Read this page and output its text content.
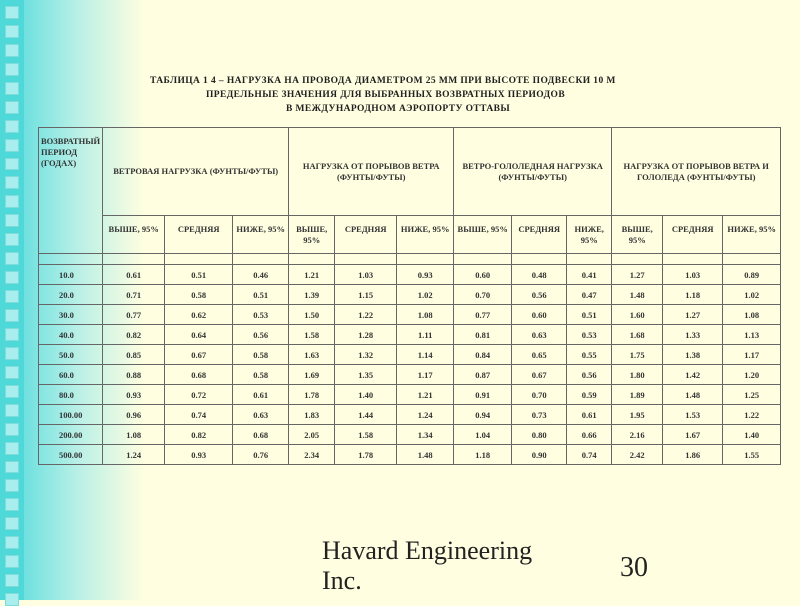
ТАБЛИЦА 1 4 – НАГРУЗКА НА ПРОВОДА ДИАМЕТРОМ 25 ММ ПРИ ВЫСОТЕ ПОДВЕСКИ 10 М
ПРЕДЕЛЬНЫЕ ЗНАЧЕНИЯ ДЛЯ ВЫБРАННЫХ ВОЗВРАТНЫХ ПЕРИОДОВ
В МЕЖДУНАРОДНОМ АЭРОПОРТУ ОТТАВЫ
ВОЗВРАТНЫЙ ПЕРИОД (ГОДАХ)	ВЕТРОВАЯ НАГРУЗКА (ФУНТЫ/ФУТЫ)			НАГРУЗКА ОТ ПОРЫВОВ ВЕТРА (ФУНТЫ/ФУТЫ)			ВЕТРО-ГОЛОЛЕДНАЯ НАГРУЗКА (ФУНТЫ/ФУТЫ)			НАГРУЗКА ОТ ПОРЫВОВ ВЕТРА И ГОЛОЛЕДА (ФУНТЫ/ФУТЫ)		
	ВЫШЕ, 95%	СРЕДНЯЯ	НИЖЕ, 95%	ВЫШЕ, 95%	СРЕДНЯЯ	НИЖЕ, 95%	ВЫШЕ, 95%	СРЕДНЯЯ	НИЖЕ, 95%	ВЫШЕ, 95%	СРЕДНЯЯ	НИЖЕ, 95%

10.0	0.61	0.51	0.46	1.21	1.03	0.93	0.60	0.48	0.41	1.27	1.03	0.89
20.0	0.71	0.58	0.51	1.39	1.15	1.02	0.70	0.56	0.47	1.48	1.18	1.02
30.0	0.77	0.62	0.53	1.50	1.22	1.08	0.77	0.60	0.51	1.60	1.27	1.08
40.0	0.82	0.64	0.56	1.58	1.28	1.11	0.81	0.63	0.53	1.68	1.33	1.13
50.0	0.85	0.67	0.58	1.63	1.32	1.14	0.84	0.65	0.55	1.75	1.38	1.17
60.0	0.88	0.68	0.58	1.69	1.35	1.17	0.87	0.67	0.56	1.80	1.42	1.20
80.0	0.93	0.72	0.61	1.78	1.40	1.21	0.91	0.70	0.59	1.89	1.48	1.25
100.00	0.96	0.74	0.63	1.83	1.44	1.24	0.94	0.73	0.61	1.95	1.53	1.22
200.00	1.08	0.82	0.68	2.05	1.58	1.34	1.04	0.80	0.66	2.16	1.67	1.40
500.00	1.24	0.93	0.76	2.34	1.78	1.48	1.18	0.90	0.74	2.42	1.86	1.55
Havard Engineering Inc.	30
